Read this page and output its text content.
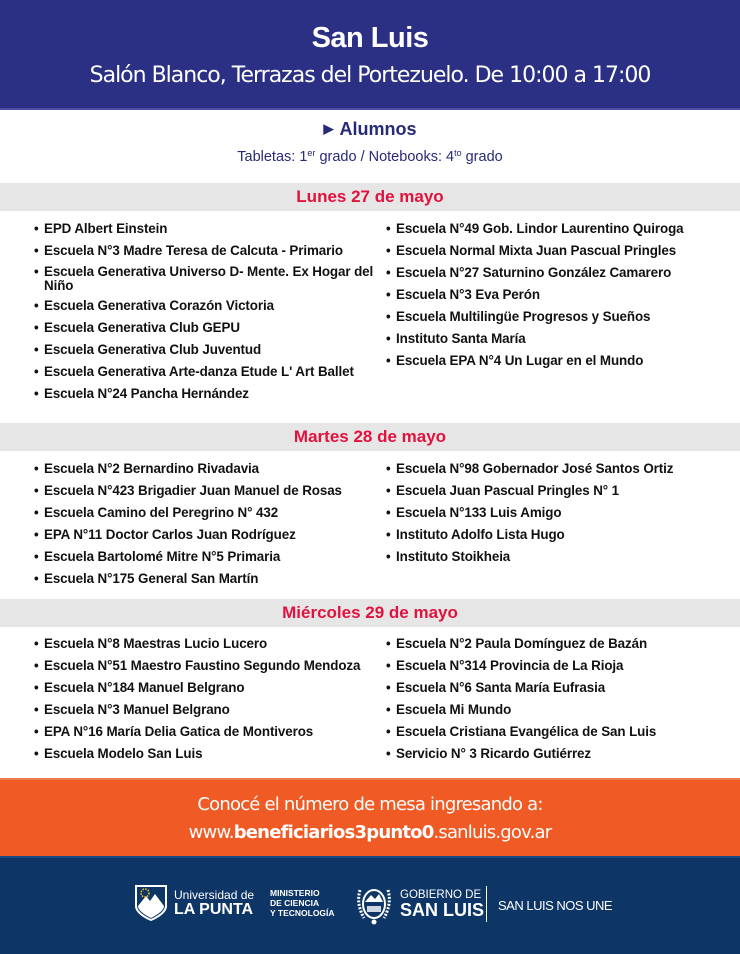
San Luis
Salón Blanco, Terrazas del Portezuelo. De 10:00 a 17:00
▶ Alumnos
Tabletas: 1er grado / Notebooks: $4^{to}$ grado
Lunes 27 de mayo
• EPD Albert Einstein
• Escuela N°3 Madre Teresa de Calcuta - Primario
• Escuela Generativa Universo D- Mente. Ex Hogar del Niño
• Escuela Generativa Corazón Victoria
• Escuela Generativa Club GEPU
• Escuela Generativa Club Juventud
• Escuela Generativa Arte-danza Etude L' Art Ballet
• Escuela N°24 Pancha Hernández
• Escuela N°49 Gob. Lindor Laurentino Quiroga
• Escuela Normal Mixta Juan Pascual Pringles
• Escuela N°27 Saturnino González Camarero
• Escuela N°3 Eva Perón
• Escuela Multilingüe Progresos y Sueños
• Instituto Santa María
• Escuela EPA N°4 Un Lugar en el Mundo
Martes 28 de mayo
• Escuela N°2 Bernardino Rivadavia
• Escuela N°423 Brigadier Juan Manuel de Rosas
• Escuela Camino del Peregrino N° 432
• EPA N°11 Doctor Carlos Juan Rodríguez
• Escuela Bartolomé Mitre N°5 Primaria
• Escuela N°175 General San Martín
• Escuela N°98 Gobernador José Santos Ortiz
• Escuela Juan Pascual Pringles N° 1
• Escuela N°133 Luis Amigo
• Instituto Adolfo Lista Hugo
• Instituto Stoikheia
Miércoles 29 de mayo
• Escuela N°8 Maestras Lucio Lucero
• Escuela N°51 Maestro Faustino Segundo Mendoza
• Escuela N°184 Manuel Belgrano
• Escuela N°3 Manuel Belgrano
• EPA N°16 María Delia Gatica de Montiveros
• Escuela Modelo San Luis
• Escuela N°2 Paula Domínguez de Bazán
• Escuela N°314 Provincia de La Rioja
• Escuela N°6 Santa María Eufrasia
• Escuela Mi Mundo
• Escuela Cristiana Evangélica de San Luis
• Servicio N° 3 Ricardo Gutiérrez
Conocé el número de mesa ingresando a:
www.beneficiarios3punto0.sanluis.gov.ar
Universidad de
LA PUNTA
MINISTERIO
DE CIENCIA
Y TECNOLOGÍA
GOBIERNO DE
SAN LUIS SAN LUIS NOS UNE
